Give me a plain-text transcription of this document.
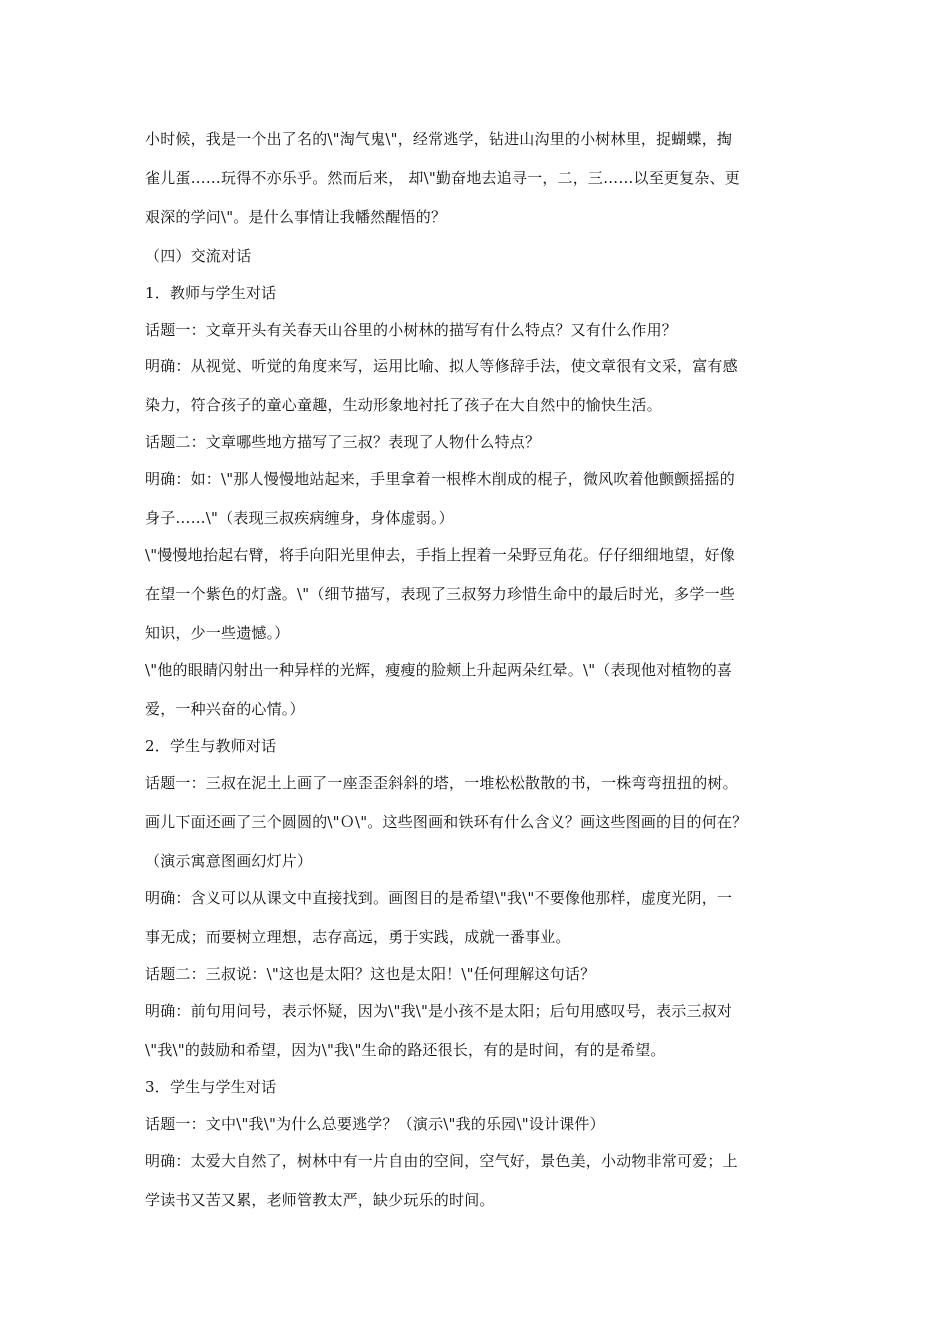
小时候，我是一个出了名的\"淘气鬼\"，经常逃学，钻进山沟里的小树林里，捉蝴蝶，掏
雀儿蛋……玩得不亦乐乎。然而后来， 却\"勤奋地去追寻一，二，三……以至更复杂、更
艰深的学问\"。是什么事情让我幡然醒悟的？
（四）交流对话
1．教师与学生对话
话题一：文章开头有关春天山谷里的小树林的描写有什么特点？又有什么作用？
明确：从视觉、听觉的角度来写，运用比喻、拟人等修辞手法，使文章很有文采，富有感
染力，符合孩子的童心童趣，生动形象地衬托了孩子在大自然中的愉快生活。
话题二：文章哪些地方描写了三叔？表现了人物什么特点？
明确：如：\"那人慢慢地站起来，手里拿着一根桦木削成的棍子，微风吹着他颤颤摇摇的
身子……\"（表现三叔疾病缠身，身体虚弱。）
\"慢慢地抬起右臂，将手向阳光里伸去，手指上捏着一朵野豆角花。仔仔细细地望，好像
在望一个紫色的灯盏。\"（细节描写，表现了三叔努力珍惜生命中的最后时光，多学一些
知识，少一些遗憾。）
\"他的眼睛闪射出一种异样的光辉，瘦瘦的脸颊上升起两朵红晕。\"（表现他对植物的喜
爱，一种兴奋的心情。）
2．学生与教师对话
话题一：三叔在泥土上画了一座歪歪斜斜的塔，一堆松松散散的书，一株弯弯扭扭的树。
画儿下面还画了三个圆圆的\"Ｏ\"。这些图画和铁环有什么含义？画这些图画的目的何在？
（演示寓意图画幻灯片）
明确：含义可以从课文中直接找到。画图目的是希望\"我\"不要像他那样，虚度光阴，一
事无成；而要树立理想，志存高远，勇于实践，成就一番事业。
话题二：三叔说：\"这也是太阳？这也是太阳！\"任何理解这句话？
明确：前句用问号，表示怀疑，因为\"我\"是小孩不是太阳；后句用感叹号，表示三叔对
\"我\"的鼓励和希望，因为\"我\"生命的路还很长，有的是时间，有的是希望。
3．学生与学生对话
话题一：文中\"我\"为什么总要逃学？（演示\"我的乐园\"设计课件）
明确：太爱大自然了，树林中有一片自由的空间，空气好，景色美，小动物非常可爱；上
学读书又苦又累，老师管教太严，缺少玩乐的时间。
